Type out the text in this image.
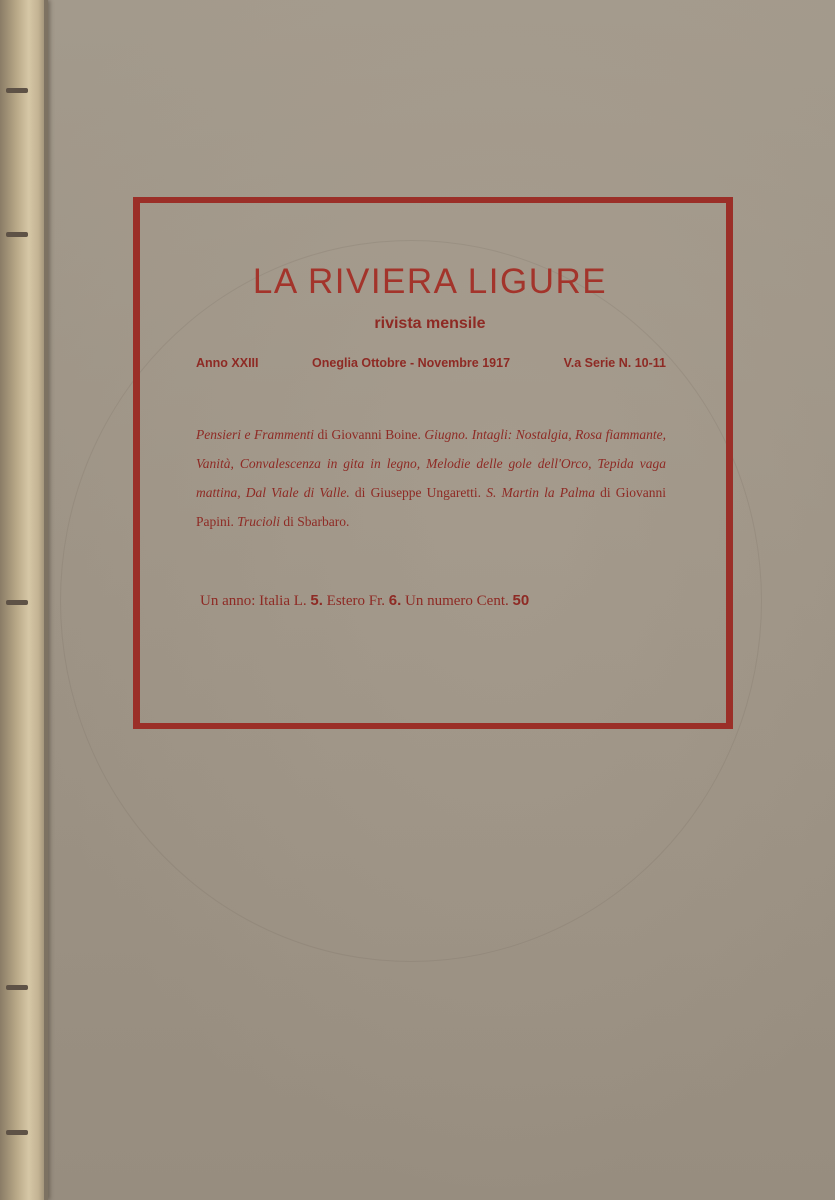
LA RIVIERA LIGURE
rivista mensile
Anno XXIII	Oneglia Ottobre - Novembre 1917	V.a Serie N. 10-11
Pensieri e Frammenti di Giovanni Boine. Giugno. Intagli: Nostalgia, Rosa fiammante, Vanità, Convalescenza in gita in legno, Melodie delle gole dell'Orco, Tepida vaga mattina, Dal Viale di Valle. di Giuseppe Ungaretti. S. Martin la Palma di Giovanni Papini. Trucioli di Sbarbaro.
Un anno: Italia L. 5. Estero Fr. 6. Un numero Cent. 50
